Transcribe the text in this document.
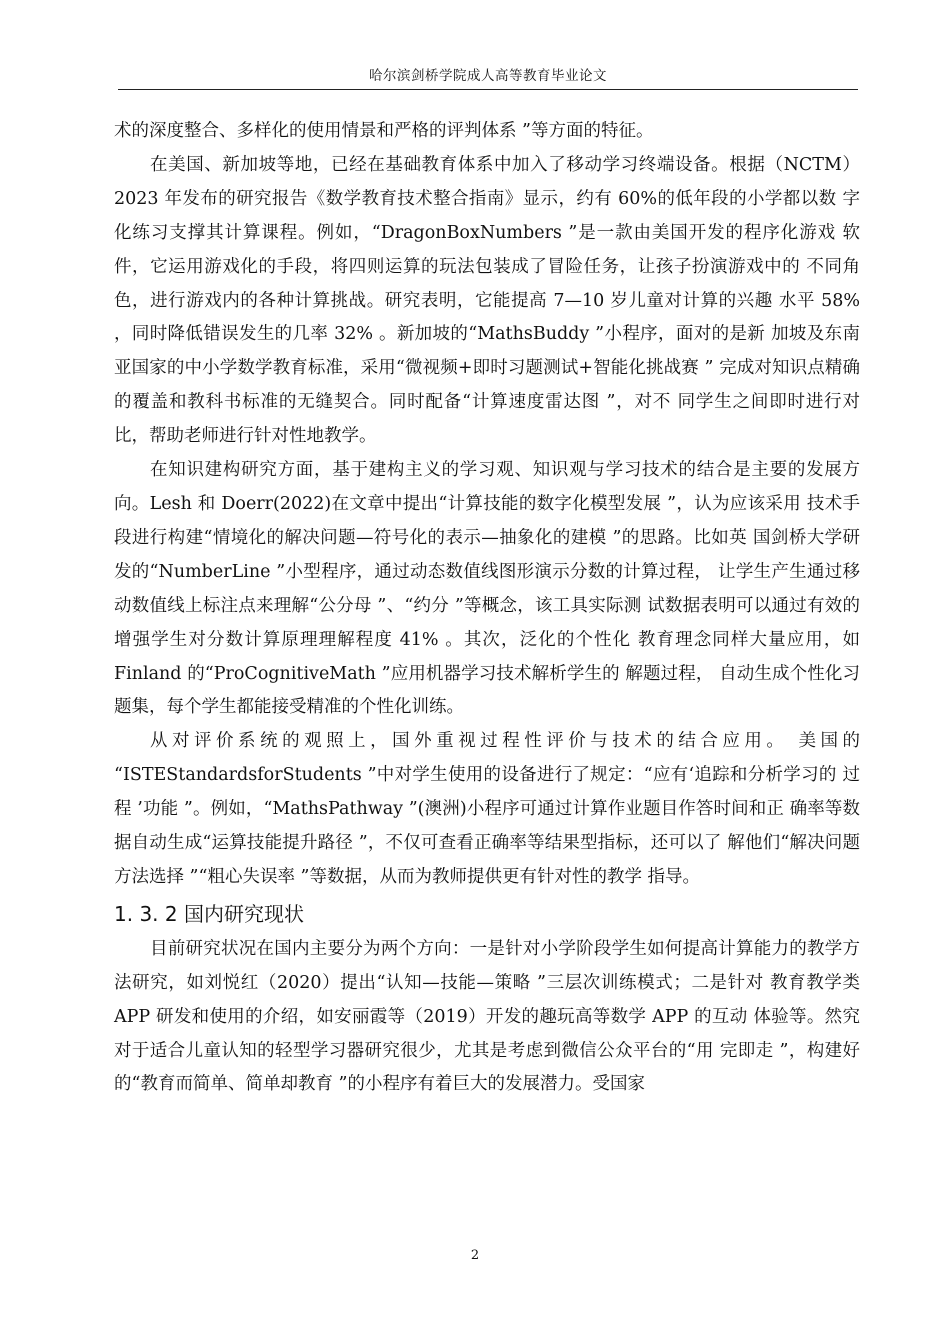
哈尔滨剑桥学院成人高等教育毕业论文

术的深度整合、多样化的使用情景和严格的评判体系 ”等方面的特征。

在美国、新加坡等地，已经在基础教育体系中加入了移动学习终端设备。根据（NCTM） 2023 年发布的研究报告《数学教育技术整合指南》显示，约有 60%的低年段的小学都以数 字化练习支撑其计算课程。例如，“DragonBoxNumbers ”是一款由美国开发的程序化游戏 软件，它运用游戏化的手段，将四则运算的玩法包装成了冒险任务，让孩子扮演游戏中的 不同角色，进行游戏内的各种计算挑战。研究表明，它能提高 7—10 岁儿童对计算的兴趣 水平 58% ，同时降低错误发生的几率 32% 。新加坡的“MathsBuddy ”小程序，面对的是新 加坡及东南亚国家的中小学数学教育标准，采用“微视频+即时习题测试+智能化挑战赛 ” 完成对知识点精确的覆盖和教科书标准的无缝契合。同时配备“计算速度雷达图 ”，对不 同学生之间即时进行对比，帮助老师进行针对性地教学。

在知识建构研究方面，基于建构主义的学习观、知识观与学习技术的结合是主要的发展方向。Lesh 和 Doerr(2022)在文章中提出“计算技能的数字化模型发展 ”，认为应该采用 技术手段进行构建“情境化的解决问题—符号化的表示—抽象化的建模 ”的思路。比如英 国剑桥大学研发的“NumberLine ”小型程序，通过动态数值线图形演示分数的计算过程， 让学生产生通过移动数值线上标注点来理解“公分母 ”、“约分 ”等概念，该工具实际测 试数据表明可以通过有效的增强学生对分数计算原理理解程度 41% 。其次，泛化的个性化 教育理念同样大量应用，如 Finland 的“ProCognitiveMath ”应用机器学习技术解析学生的 解题过程， 自动生成个性化习题集，每个学生都能接受精准的个性化训练。

从对评价系统的观照上，国外重视过程性评价与技术的结合应用。 美国的 “ISTEStandardsforStudents ”中对学生使用的设备进行了规定：“应有‘追踪和分析学习的 过程 ’功能 ”。例如，“MathsPathway ”(澳洲)小程序可通过计算作业题目作答时间和正 确率等数据自动生成“运算技能提升路径 ”，不仅可查看正确率等结果型指标，还可以了 解他们“解决问题方法选择 ”“粗心失误率 ”等数据，从而为教师提供更有针对性的教学 指导。

1. 3. 2 国内研究现状

目前研究状况在国内主要分为两个方向：一是针对小学阶段学生如何提高计算能力的教学方法研究，如刘悦红（2020）提出“认知—技能—策略 ”三层次训练模式；二是针对 教育教学类 APP 研发和使用的介绍，如安丽霞等（2019）开发的趣玩高等数学 APP 的互动 体验等。然究对于适合儿童认知的轻型学习器研究很少，尤其是考虑到微信公众平台的“用 完即走 ”，构建好的“教育而简单、简单却教育 ”的小程序有着巨大的发展潜力。受国家

2
